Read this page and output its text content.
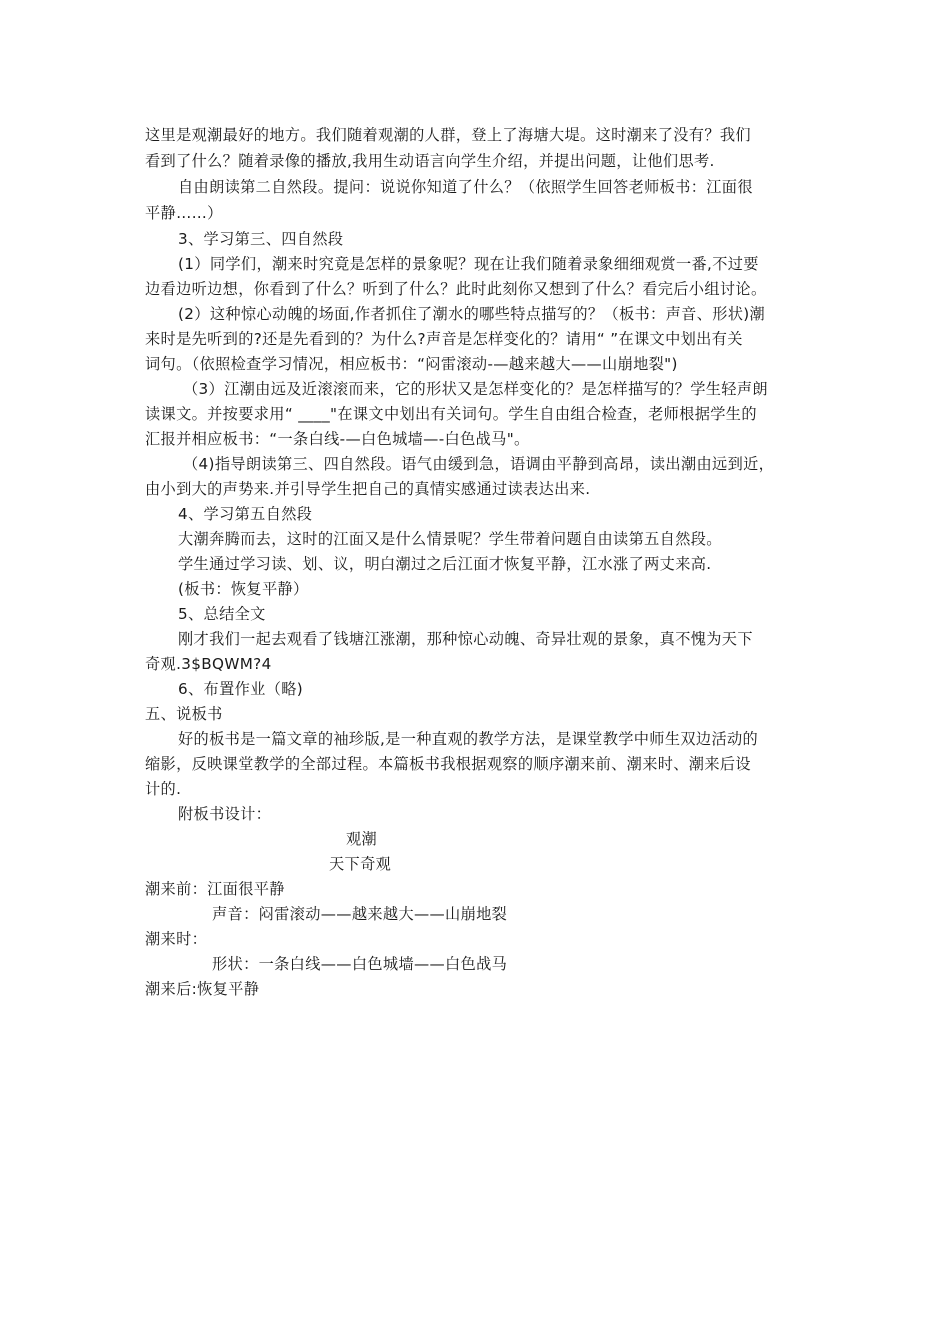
这里是观潮最好的地方。我们随着观潮的人群，登上了海塘大堤。这时潮来了没有？我们
看到了什么？随着录像的播放,我用生动语言向学生介绍，并提出问题，让他们思考.
自由朗读第二自然段。提问：说说你知道了什么？（依照学生回答老师板书：江面很
平静……）
3、学习第三、四自然段
(1）同学们，潮来时究竟是怎样的景象呢？现在让我们随着录象细细观赏一番,不过要
边看边听边想，你看到了什么？听到了什么？此时此刻你又想到了什么？看完后小组讨论。
(2）这种惊心动魄的场面,作者抓住了潮水的哪些特点描写的？（板书：声音、形状)潮
来时是先听到的?还是先看到的？为什么?声音是怎样变化的？请用“ ”在课文中划出有关
词句。（依照检查学习情况，相应板书：“闷雷滚动-—越来越大——山崩地裂")
（3）江潮由远及近滚滚而来，它的形状又是怎样变化的？是怎样描写的？学生轻声朗
读课文。并按要求用“ ____"在课文中划出有关词句。学生自由组合检查，老师根据学生的
汇报并相应板书：“一条白线-—白色城墙—-白色战马"。
（4)指导朗读第三、四自然段。语气由缓到急，语调由平静到高昂，读出潮由远到近，
由小到大的声势来.并引导学生把自己的真情实感通过读表达出来.
4、学习第五自然段
大潮奔腾而去，这时的江面又是什么情景呢？学生带着问题自由读第五自然段。
学生通过学习读、划、议，明白潮过之后江面才恢复平静，江水涨了两丈来高.
(板书：恢复平静）
5、总结全文
刚才我们一起去观看了钱塘江涨潮，那种惊心动魄、奇异壮观的景象，真不愧为天下
奇观.3$BQWM?4
6、布置作业（略)
五、说板书
好的板书是一篇文章的袖珍版,是一种直观的教学方法，是课堂教学中师生双边活动的
缩影，反映课堂教学的全部过程。本篇板书我根据观察的顺序潮来前、潮来时、潮来后设
计的.
附板书设计：
观潮
天下奇观
潮来前：江面很平静
声音：闷雷滚动——越来越大——山崩地裂
潮来时：
形状：一条白线——白色城墙——白色战马
潮来后:恢复平静
